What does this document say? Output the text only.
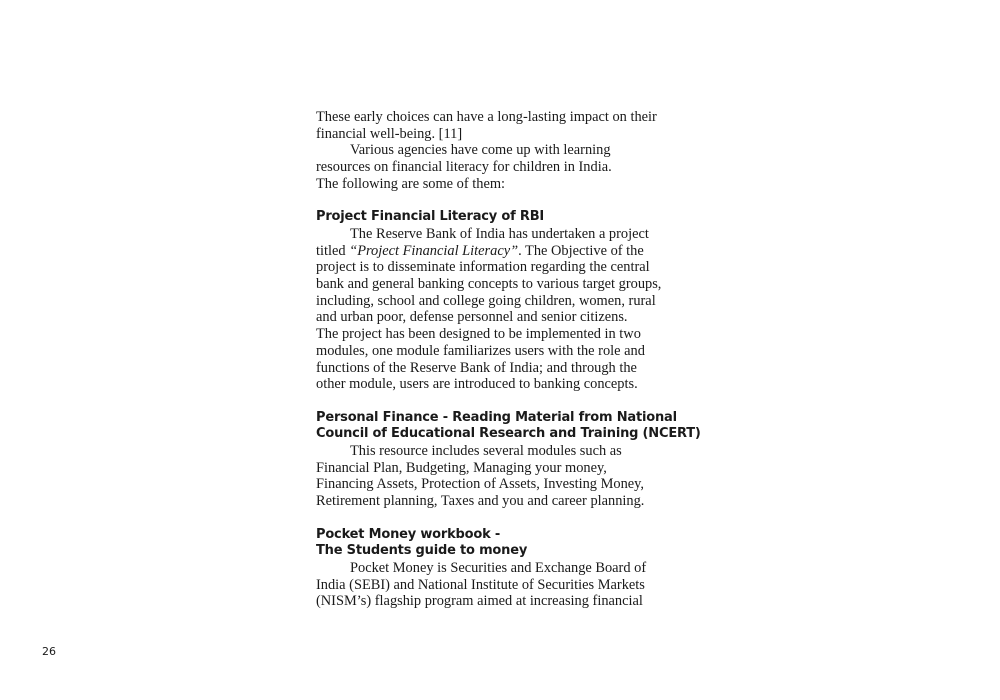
These early choices can have a long-lasting impact on their

financial well-being. [11]

Various agencies have come up with learning

resources on financial literacy for children in India.

The following are some of them:

Project Financial Literacy of RBI

The Reserve Bank of India has undertaken a project

titled “Project Financial Literacy”. The Objective of the

project is to disseminate information regarding the central

bank and general banking concepts to various target groups,

including, school and college going children, women, rural

and urban poor, defense personnel and senior citizens.

The project has been designed to be implemented in two

modules, one module familiarizes users with the role and

functions of the Reserve Bank of India; and through the

other module, users are introduced to banking concepts.

Personal Finance - Reading Material from National

Council of Educational Research and Training (NCERT)

This resource includes several modules such as

Financial Plan, Budgeting, Managing your money,

Financing Assets, Protection of Assets, Investing Money,

Retirement planning, Taxes and you and career planning.

Pocket Money workbook -

The Students guide to money

Pocket Money is Securities and Exchange Board of

India (SEBI) and National Institute of Securities Markets

(NISM’s) flagship program aimed at increasing financial

26
